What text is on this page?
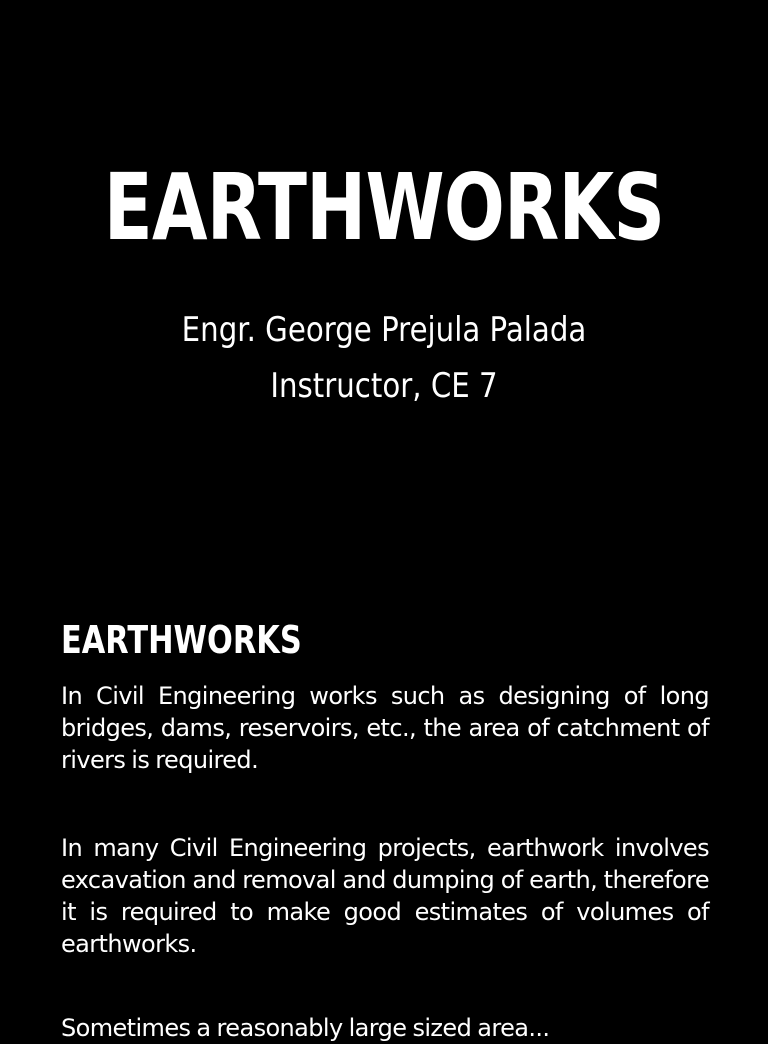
EARTHWORKS
Engr. George Prejula Palada
Instructor, CE 7
EARTHWORKS

In Civil Engineering works such as designing of long bridges, dams, reservoirs, etc., the area of catchment of rivers is required.

In many Civil Engineering projects, earthwork involves excavation and removal and dumping of earth, therefore it is required to make good estimates of volumes of earthworks.

Sometimes a reasonably large sized area...
